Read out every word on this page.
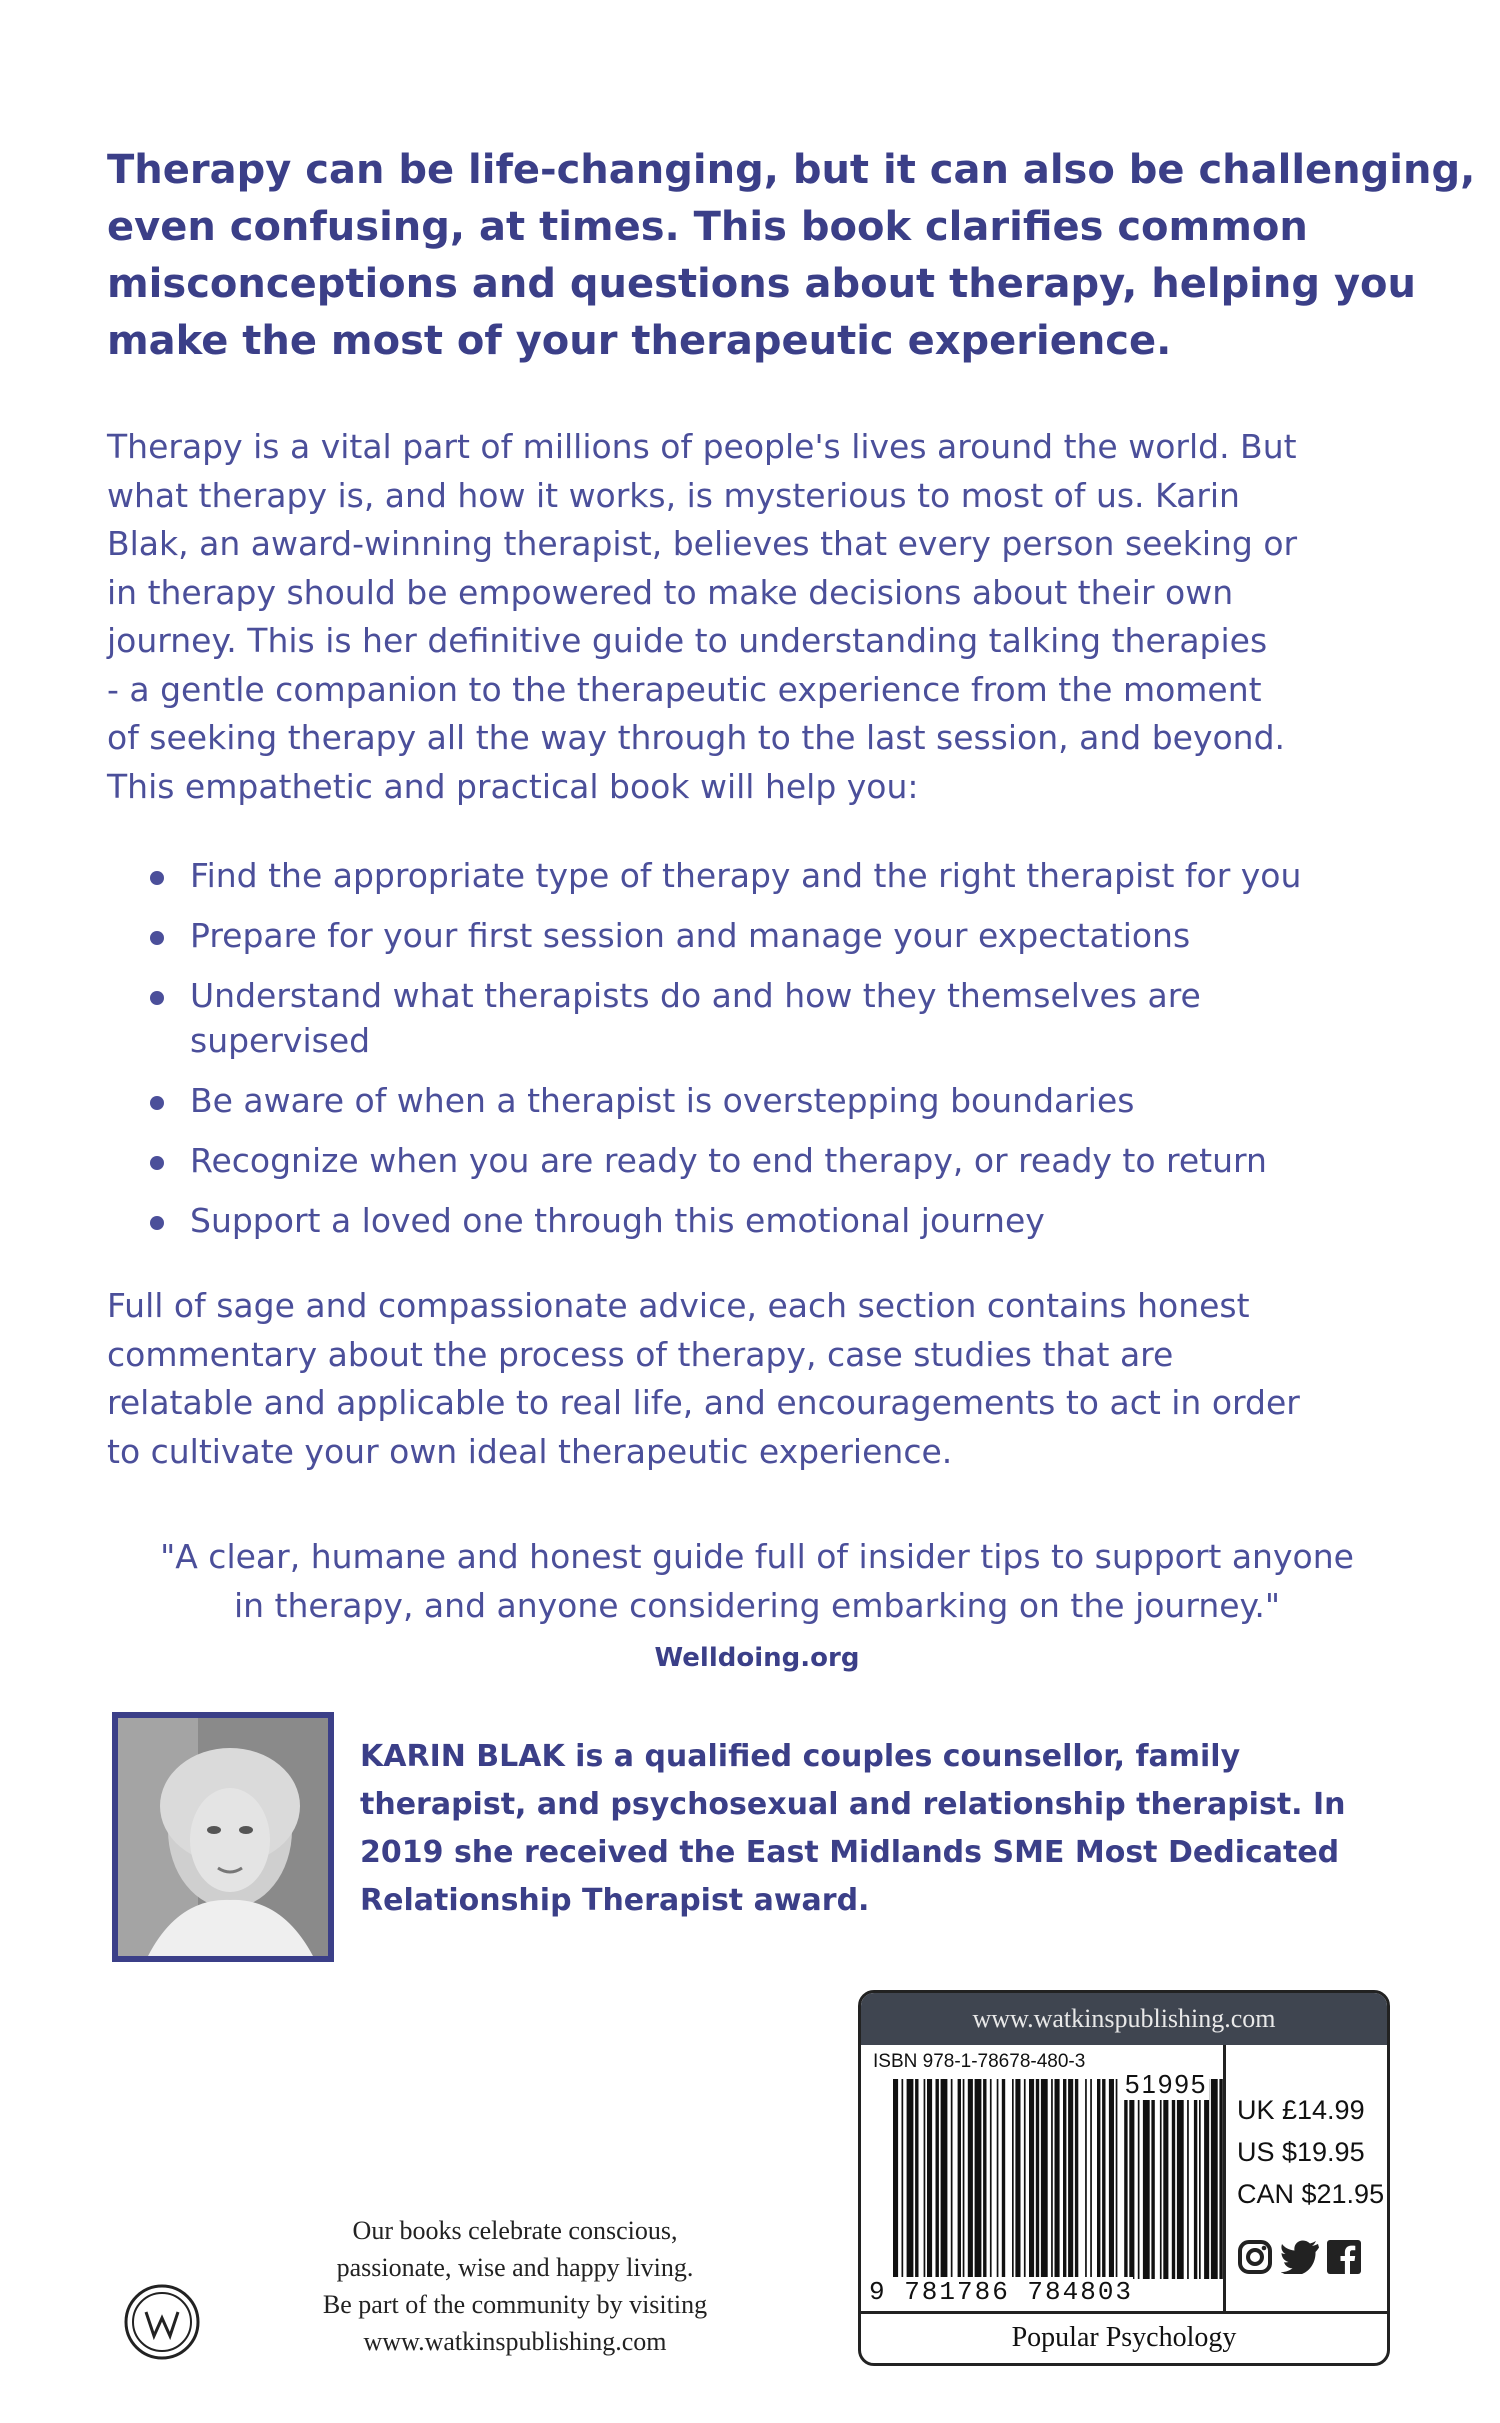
Therapy can be life-changing, but it can also be challenging,
even confusing, at times. This book clarifies common
misconceptions and questions about therapy, helping you
make the most of your therapeutic experience.
Therapy is a vital part of millions of people's lives around the world. But
what therapy is, and how it works, is mysterious to most of us. Karin
Blak, an award-winning therapist, believes that every person seeking or
in therapy should be empowered to make decisions about their own
journey. This is her definitive guide to understanding talking therapies
- a gentle companion to the therapeutic experience from the moment
of seeking therapy all the way through to the last session, and beyond.
This empathetic and practical book will help you:
Find the appropriate type of therapy and the right therapist for you
Prepare for your first session and manage your expectations
Understand what therapists do and how they themselves are supervised
Be aware of when a therapist is overstepping boundaries
Recognize when you are ready to end therapy, or ready to return
Support a loved one through this emotional journey
Full of sage and compassionate advice, each section contains honest
commentary about the process of therapy, case studies that are
relatable and applicable to real life, and encouragements to act in order
to cultivate your own ideal therapeutic experience.
"A clear, humane and honest guide full of insider tips to support anyone
in therapy, and anyone considering embarking on the journey."
Welldoing.org
KARIN BLAK is a qualified couples counsellor, family
therapist, and psychosexual and relationship therapist. In
2019 she received the East Midlands SME Most Dedicated
Relationship Therapist award.
www.watkinspublishing.com
ISBN 978-1-78678-480-3
51995
9 781786 784803
UK £14.99
US $19.95
CAN $21.95
Popular Psychology
Our books celebrate conscious,
passionate, wise and happy living.
Be part of the community by visiting
www.watkinspublishing.com
